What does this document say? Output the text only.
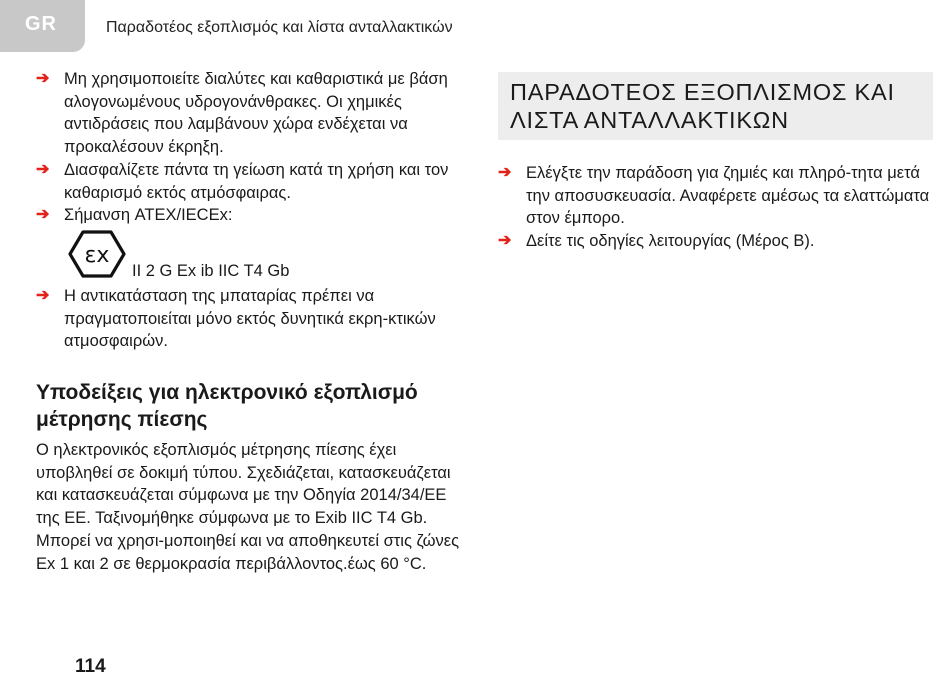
GR	Παραδοτέος εξοπλισμός και λίστα ανταλλακτικών
➔ Μη χρησιμοποιείτε διαλύτες και καθαριστικά με βάση αλογονωμένους υδρογονάνθρακες. Οι χημικές αντιδράσεις που λαμβάνουν χώρα ενδέχεται να προκαλέσουν έκρηξη.
➔ Διασφαλίζετε πάντα τη γείωση κατά τη χρήση και τον καθαρισμό εκτός ατμόσφαιρας.
➔ Σήμανση ATEX/IECEx:
εx
II 2 G Ex ib IIC T4 Gb
➔ Η αντικατάσταση της μπαταρίας πρέπει να πραγματοποιείται μόνο εκτός δυνητικά εκρη-κτικών ατμοσφαιρών.
Υποδείξεις για ηλεκτρονικό εξοπλισμό μέτρησης πίεσης

Ο ηλεκτρονικός εξοπλισμός μέτρησης πίεσης έχει υποβληθεί σε δοκιμή τύπου. Σχεδιάζεται, κατασκευάζεται και κατασκευάζεται σύμφωνα με την Οδηγία 2014/34/ΕΕ της ΕΕ. Ταξινομήθηκε σύμφωνα με το Exib IIC T4 Gb. Μπορεί να χρησι-μοποιηθεί και να αποθηκευτεί στις ζώνες Ex 1 και 2 σε θερμοκρασία περιβάλλοντος.έως 60 °C.

ΠΑΡΑΔΟΤΕΟΣ ΕΞΟΠΛΙΣΜΟΣ ΚΑΙ
ΛΙΣΤΑ ΑΝΤΑΛΛΑΚΤΙΚΩΝ
➔ Ελέγξτε την παράδοση για ζημιές και πληρό-τητα μετά την αποσυσκευασία. Αναφέρετε αμέσως τα ελαττώματα στον έμπορο.
➔ Δείτε τις οδηγίες λειτουργίας (Μέρος B).
114
